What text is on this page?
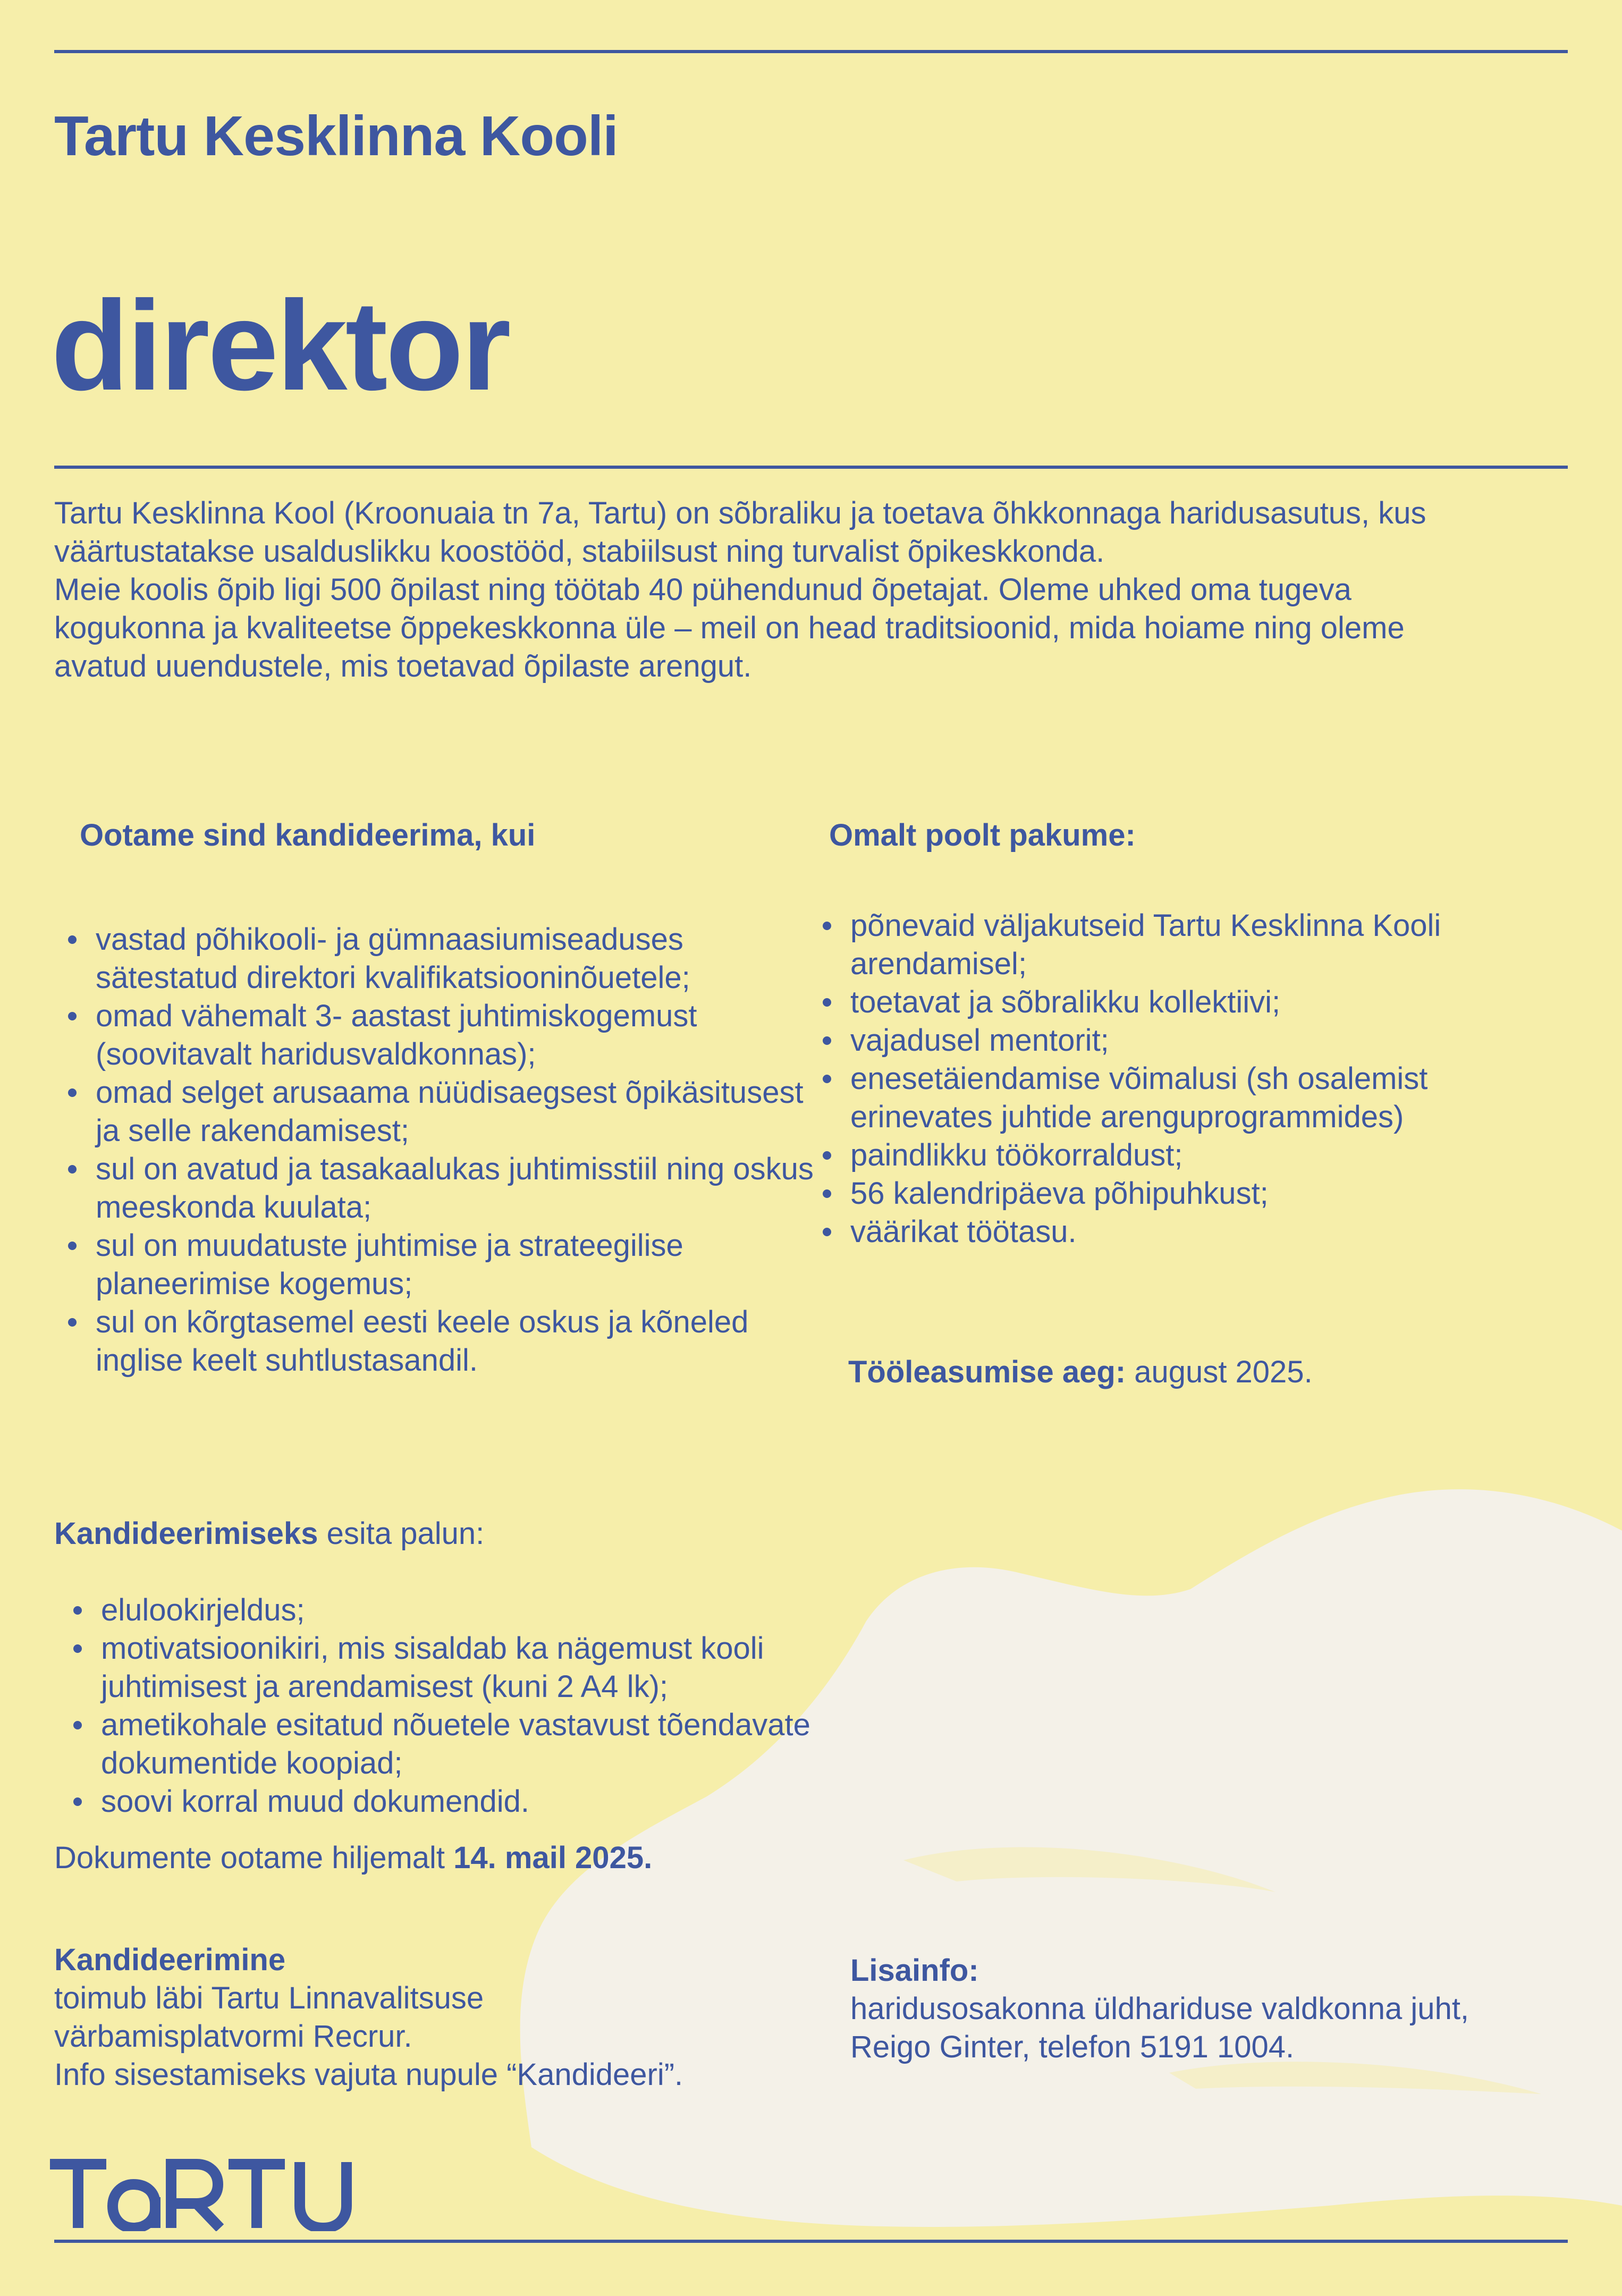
Tartu Kesklinna Kooli
direktor

Tartu Kesklinna Kool (Kroonuaia tn 7a, Tartu) on sõbraliku ja toetava õhkkonnaga haridusasutus, kus väärtustatakse usalduslikku koostööd, stabiilsust ning turvalist õpikeskkonda.

Meie koolis õpib ligi 500 õpilast ning töötab 40 pühendunud õpetajat. Oleme uhked oma tugeva kogukonna ja kvaliteetse õppekeskkonna üle – meil on head traditsioonid, mida hoiame ning oleme avatud uuendustele, mis toetavad õpilaste arengut.

Ootame sind kandideerima, kui
vastad põhikooli- ja gümnaasiumiseaduses sätestatud direktori kvalifikatsiooninõuetele;
omad vähemalt 3- aastast juhtimiskogemust (soovitavalt haridusvaldkonnas);
omad selget arusaama nüüdisaegsest õpikäsitusest ja selle rakendamisest;
sul on avatud ja tasakaalukas juhtimisstiil ning oskus meeskonda kuulata;
sul on muudatuste juhtimise ja strateegilise planeerimise kogemus;
sul on kõrgtasemel eesti keele oskus ja kõneled inglise keelt suhtlustasandil.
Omalt poolt pakume:
põnevaid väljakutseid Tartu Kesklinna Kooli arendamisel;
toetavat ja sõbralikku kollektiivi;
vajadusel mentorit;
enesetäiendamise võimalusi (sh osalemist erinevates juhtide arenguprogrammides)
paindlikku töökorraldust;
56 kalendripäeva põhipuhkust;
väärikat töötasu.

Tööleasumise aeg: august 2025.

Kandideerimiseks esita palun:

elulookirjeldus;
motivatsioonikiri, mis sisaldab ka nägemust kooli juhtimisest ja arendamisest (kuni 2 A4 lk);
ametikohale esitatud nõuetele vastavust tõendavate dokumentide koopiad;
soovi korral muud dokumendid.

Dokumente ootame hiljemalt 14. mail 2025.

Kandideerimine

toimub läbi Tartu Linnavalitsuse

värbamisplatvormi Recrur.

Info sisestamiseks vajuta nupule “Kandideeri”.

Lisainfo:

haridusosakonna üldhariduse valdkonna juht,

Reigo Ginter, telefon 5191 1004.
